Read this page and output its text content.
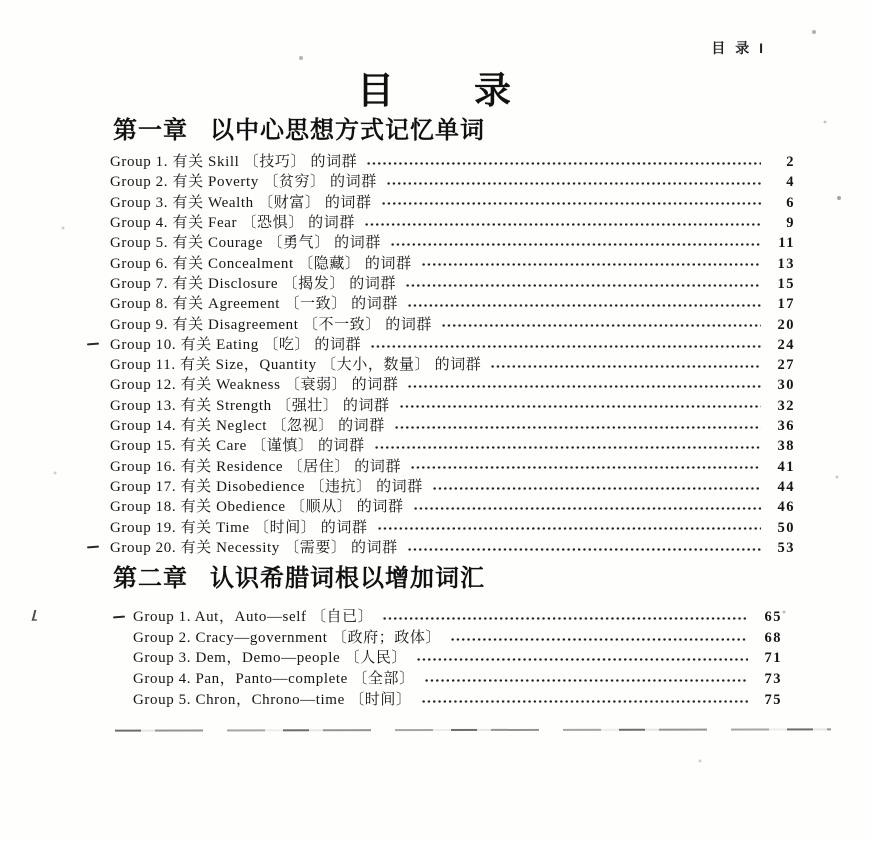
目 录 I
目　　录
第一章 以中心思想方式记忆单词
Group 1. 有关 Skill 〔技巧〕 的词群	2
Group 2. 有关 Poverty 〔贫穷〕 的词群	4
Group 3. 有关 Wealth 〔财富〕 的词群	6
Group 4. 有关 Fear 〔恐惧〕 的词群	9
Group 5. 有关 Courage 〔勇气〕 的词群	11
Group 6. 有关 Concealment 〔隐藏〕 的词群	13
Group 7. 有关 Disclosure 〔揭发〕 的词群	15
Group 8. 有关 Agreement 〔一致〕 的词群	17
Group 9. 有关 Disagreement 〔不一致〕 的词群	20
Group 10. 有关 Eating 〔吃〕 的词群	24
Group 11. 有关 Size，Quantity 〔大小，数量〕 的词群	27
Group 12. 有关 Weakness 〔衰弱〕 的词群	30
Group 13. 有关 Strength 〔强壮〕 的词群	32
Group 14. 有关 Neglect 〔忽视〕 的词群	36
Group 15. 有关 Care 〔谨慎〕 的词群	38
Group 16. 有关 Residence 〔居住〕 的词群	41
Group 17. 有关 Disobedience 〔违抗〕 的词群	44
Group 18. 有关 Obedience 〔顺从〕 的词群	46
Group 19. 有关 Time 〔时间〕 的词群	50
Group 20. 有关 Necessity 〔需要〕 的词群	53
第二章 认识希腊词根以增加词汇
Group 1. Aut，Auto—self 〔自已〕	65
Group 2. Cracy—government 〔政府；政体〕	68
Group 3. Dem，Demo—people 〔人民〕	71
Group 4. Pan，Panto—complete 〔全部〕	73
Group 5. Chron，Chrono—time 〔时间〕	75
